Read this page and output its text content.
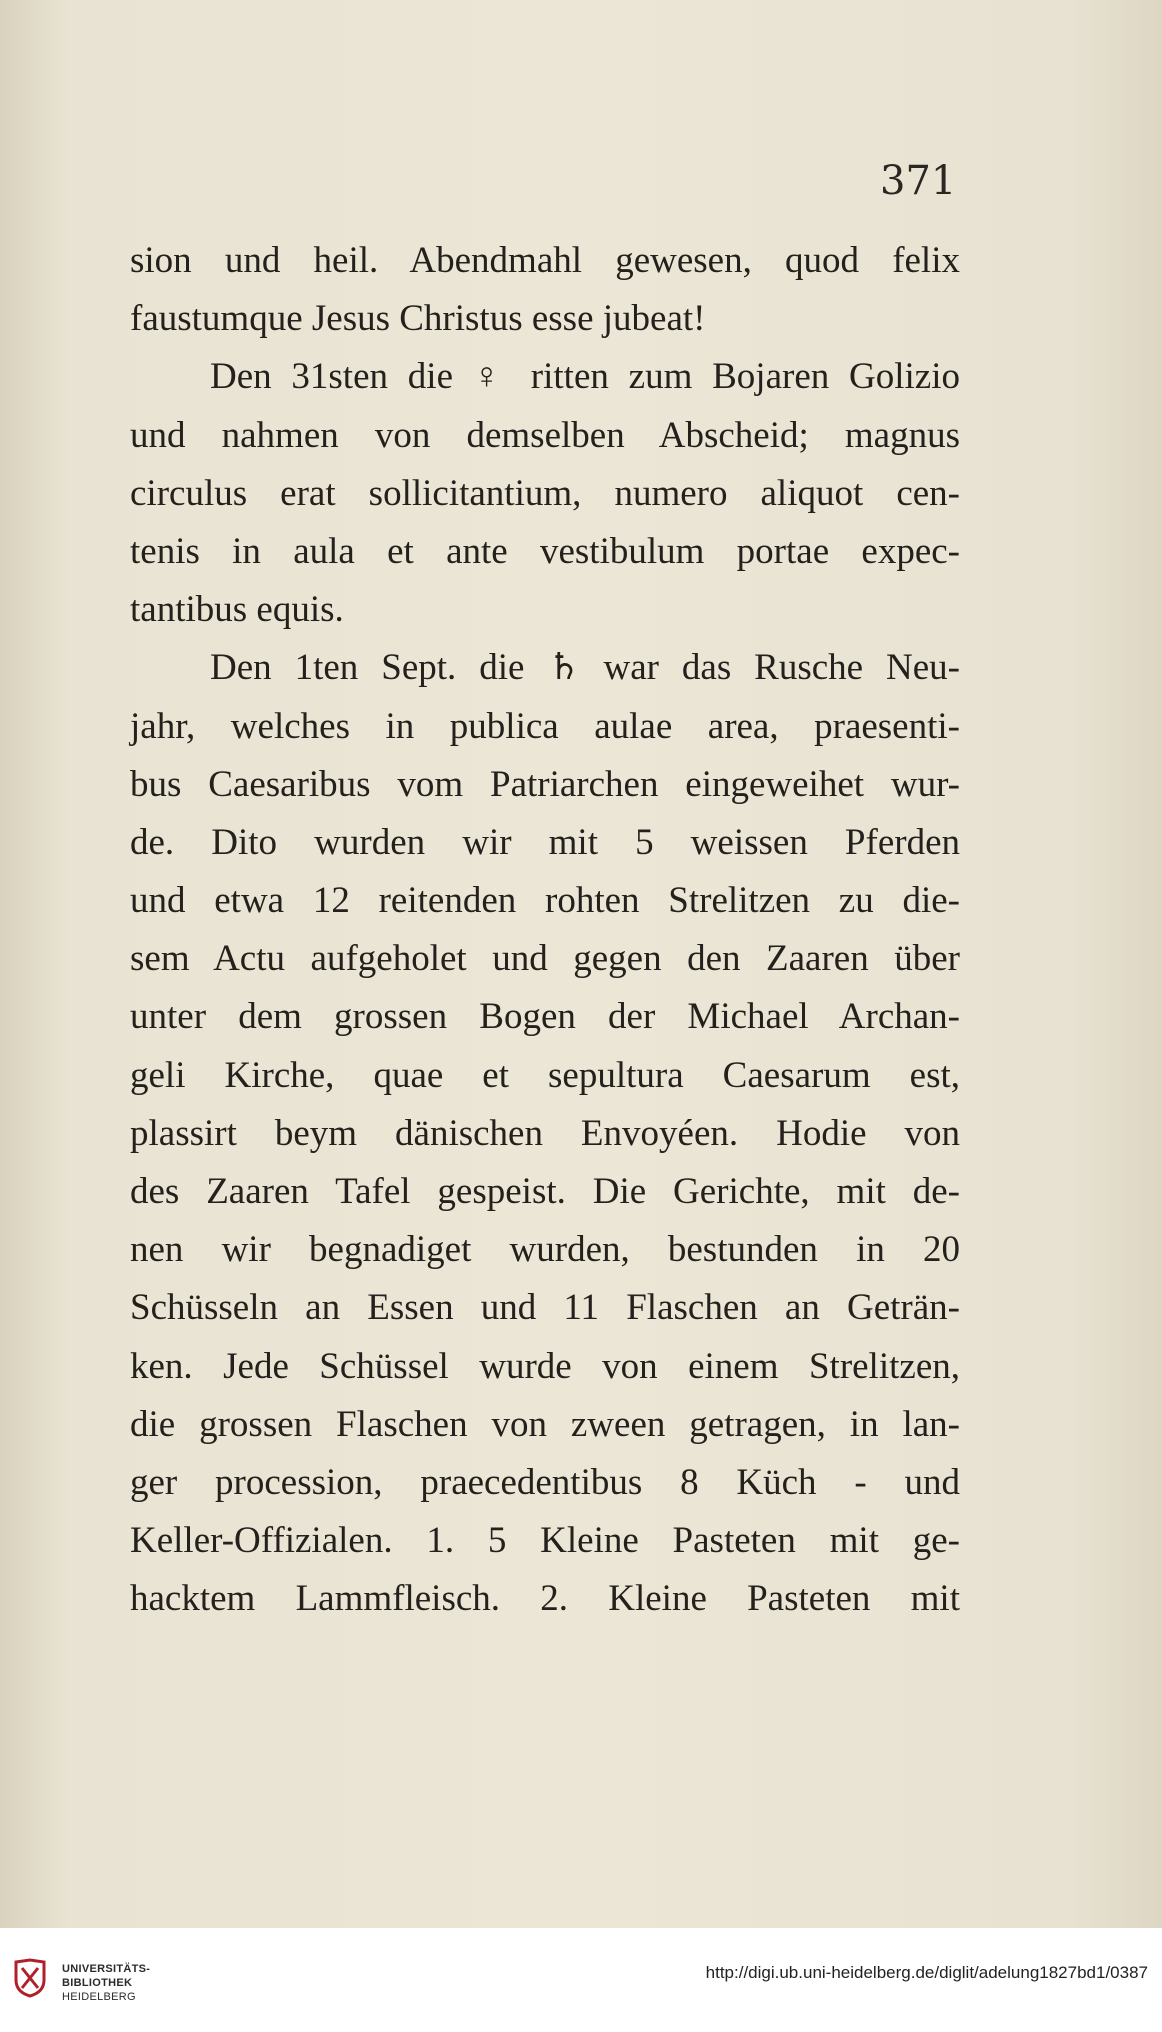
371
sion und heil. Abendmahl gewesen, quod felix
faustumque Jesus Christus esse jubeat!
Den 31sten die ♀ ritten zum Bojaren Golizio
und nahmen von demselben Abscheid; magnus
circulus erat sollicitantium, numero aliquot cen-
tenis in aula et ante vestibulum portae expec-
tantibus equis.
Den 1ten Sept. die ♄ war das Rusche Neu-
jahr, welches in publica aulae area, praesenti-
bus Caesaribus vom Patriarchen eingeweihet wur-
de. Dito wurden wir mit 5 weissen Pferden
und etwa 12 reitenden rohten Strelitzen zu die-
sem Actu aufgeholet und gegen den Zaaren über
unter dem grossen Bogen der Michael Archan-
geli Kirche, quae et sepultura Caesarum est,
plassirt beym dänischen Envoyéen. Hodie von
des Zaaren Tafel gespeist. Die Gerichte, mit de-
nen wir begnadiget wurden, bestunden in 20
Schüsseln an Essen und 11 Flaschen an Geträn-
ken. Jede Schüssel wurde von einem Strelitzen,
die grossen Flaschen von zween getragen, in lan-
ger procession, praecedentibus 8 Küch - und
Keller-Offizialen. 1. 5 Kleine Pasteten mit ge-
hacktem Lammfleisch. 2. Kleine Pasteten mit
UNIVERSITÄTS-
BIBLIOTHEK
HEIDELBERG
http://digi.ub.uni-heidelberg.de/diglit/adelung1827bd1/0387
